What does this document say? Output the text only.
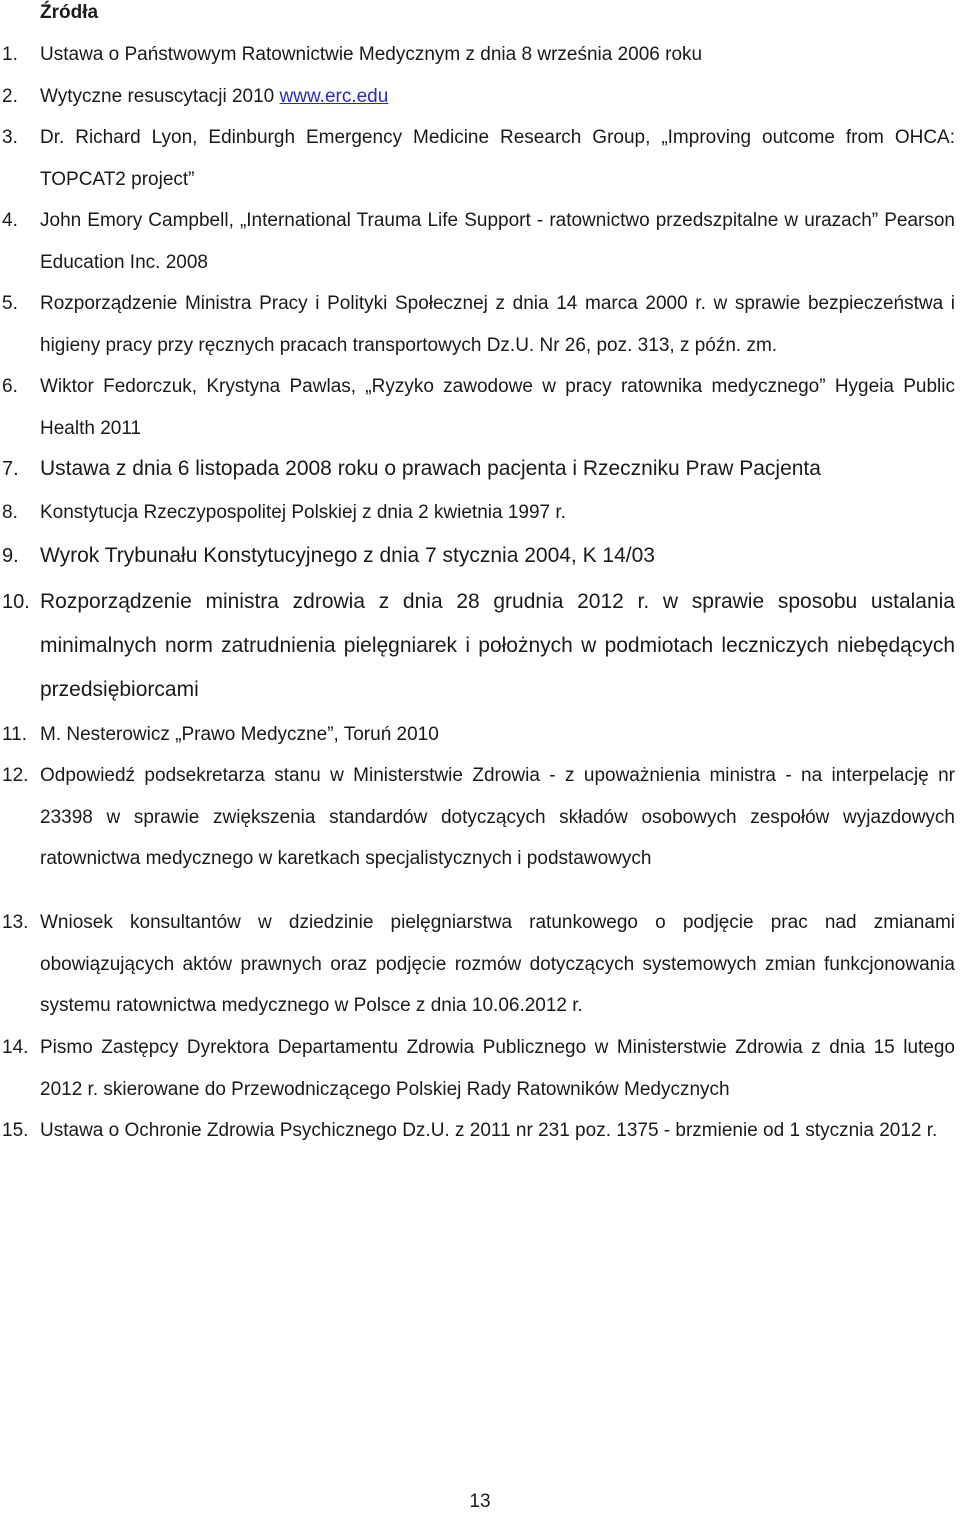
Źródła
1.	Ustawa o Państwowym Ratownictwie Medycznym z dnia 8 września 2006 roku
2.	Wytyczne resuscytacji 2010 www.erc.edu
3.	Dr. Richard Lyon, Edinburgh Emergency Medicine Research Group, „Improving outcome from OHCA: TOPCAT2 project”
4.	John Emory Campbell, „International Trauma Life Support - ratownictwo przedszpitalne w urazach” Pearson Education Inc. 2008
5.	Rozporządzenie Ministra Pracy i Polityki Społecznej z dnia 14 marca 2000 r. w sprawie bezpieczeństwa i higieny pracy przy ręcznych pracach transportowych Dz.U. Nr 26, poz. 313, z późn. zm.
6.	Wiktor Fedorczuk, Krystyna Pawlas, „Ryzyko zawodowe w pracy ratownika medycznego” Hygeia Public Health 2011
7.	Ustawa z dnia 6 listopada 2008 roku o prawach pacjenta i Rzeczniku Praw Pacjenta
8.	Konstytucja Rzeczypospolitej Polskiej z dnia 2 kwietnia 1997 r.
9.	Wyrok Trybunału Konstytucyjnego z dnia 7 stycznia 2004, K 14/03
10. Rozporządzenie ministra zdrowia z dnia 28 grudnia 2012 r. w sprawie sposobu ustalania minimalnych norm zatrudnienia pielęgniarek i położnych w podmiotach leczniczych niebędących przedsiębiorcami
11. M. Nesterowicz „Prawo Medyczne”, Toruń 2010
12. Odpowiedź podsekretarza stanu w Ministerstwie Zdrowia - z upoważnienia ministra - na interpelację nr 23398 w sprawie zwiększenia standardów dotyczących składów osobowych zespołów wyjazdowych ratownictwa medycznego w karetkach specjalistycznych i podstawowych
13. Wniosek konsultantów w dziedzinie pielęgniarstwa ratunkowego o podjęcie prac nad zmianami obowiązujących aktów prawnych oraz podjęcie rozmów dotyczących systemowych zmian funkcjonowania systemu ratownictwa medycznego w Polsce z dnia 10.06.2012 r.
14. Pismo Zastępcy Dyrektora Departamentu Zdrowia Publicznego w Ministerstwie Zdrowia z dnia 15 lutego 2012 r. skierowane do Przewodniczącego Polskiej Rady Ratowników Medycznych
15. Ustawa o Ochronie Zdrowia Psychicznego Dz.U. z 2011 nr 231 poz. 1375 - brzmienie od 1 stycznia 2012 r.
13
